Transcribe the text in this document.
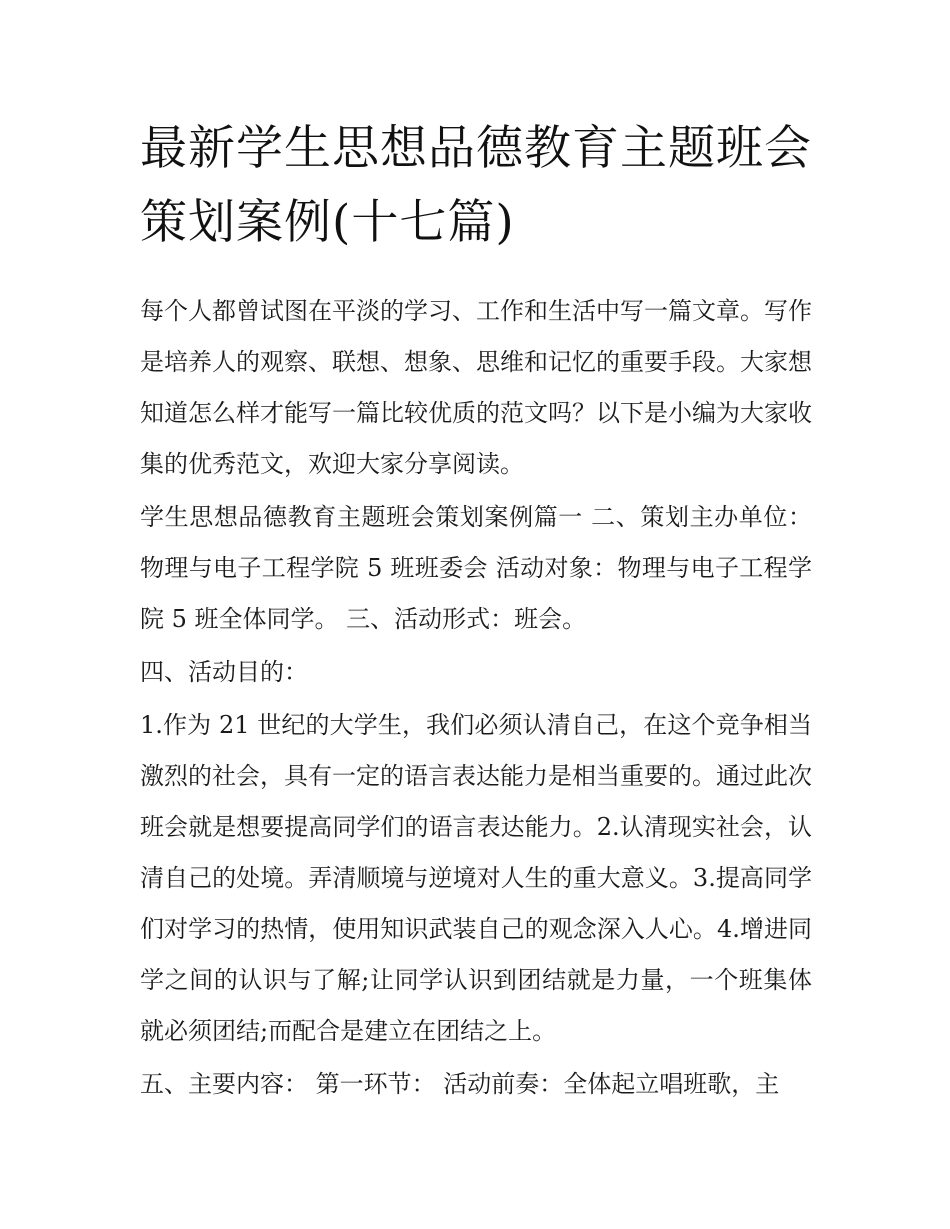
最新学生思想品德教育主题班会策划案例(十七篇)

每个人都曾试图在平淡的学习、工作和生活中写一篇文章。写作是培养人的观察、联想、想象、思维和记忆的重要手段。大家想知道怎么样才能写一篇比较优质的范文吗？以下是小编为大家收集的优秀范文，欢迎大家分享阅读。

学生思想品德教育主题班会策划案例篇一 二、策划主办单位：物理与电子工程学院 5 班班委会 活动对象：物理与电子工程学院 5 班全体同学。 三、活动形式：班会。

四、活动目的：

1.作为 21 世纪的大学生，我们必须认清自己，在这个竞争相当激烈的社会，具有一定的语言表达能力是相当重要的。通过此次班会就是想要提高同学们的语言表达能力。2.认清现实社会，认清自己的处境。弄清顺境与逆境对人生的重大意义。3.提高同学们对学习的热情，使用知识武装自己的观念深入人心。4.增进同学之间的认识与了解;让同学认识到团结就是力量，一个班集体就必须团结;而配合是建立在团结之上。

五、主要内容： 第一环节： 活动前奏：全体起立唱班歌，主
